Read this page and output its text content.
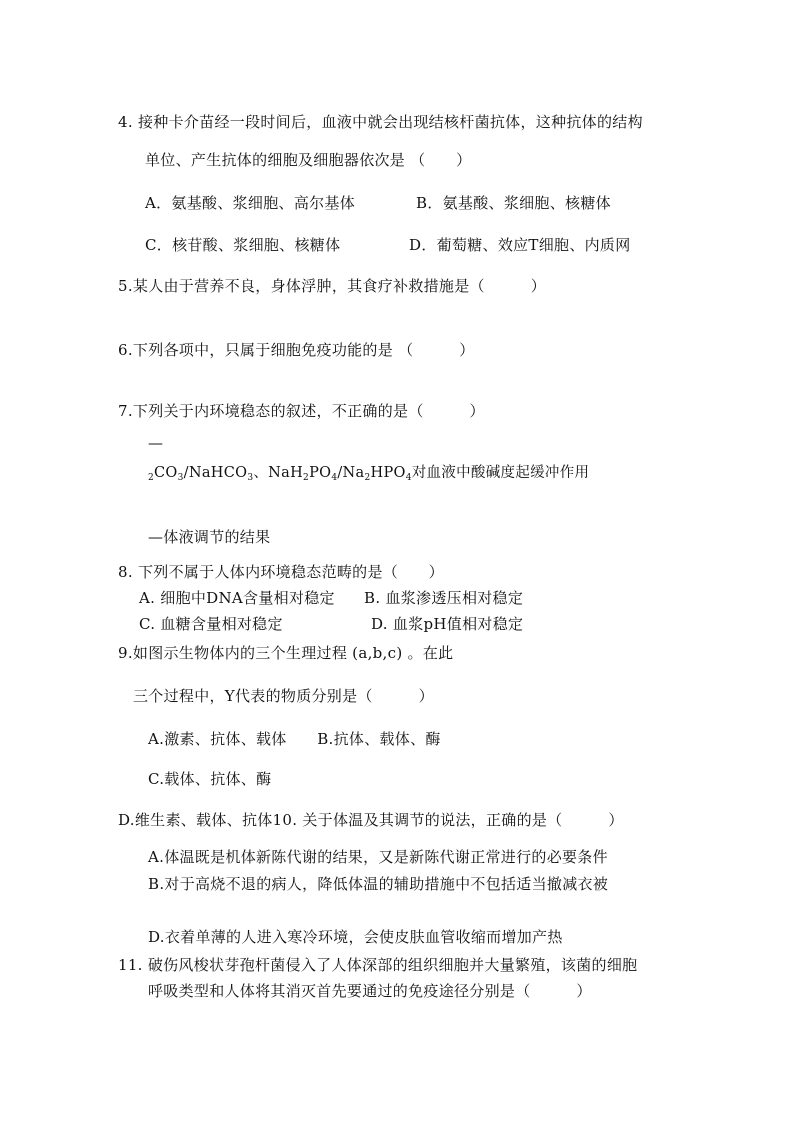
4. 接种卡介苗经一段时间后，血液中就会出现结核杆菌抗体，这种抗体的结构
单位、产生抗体的细胞及细胞器依次是 （　　）
A．氨基酸、浆细胞、高尔基体	B．氨基酸、浆细胞、核糖体
C．核苷酸、浆细胞、核糖体	D．葡萄糖、效应T细胞、内质网
5.某人由于营养不良，身体浮肿，其食疗补救措施是（　　　）
6.下列各项中，只属于细胞免疫功能的是 （　　　）
7.下列关于内环境稳态的叙述，不正确的是（　　　）
—
$_2CO_3/NaHCO_3$、$NaH_2PO_4/Na_2HPO_4$对血液中酸碱度起缓冲作用
—体液调节的结果
8. 下列不属于人体内环境稳态范畴的是（　　）
A. 细胞中DNA含量相对稳定 B. 血浆渗透压相对稳定
C. 血糖含量相对稳定	D. 血浆pH值相对稳定
9.如图示生物体内的三个生理过程 (a,b,c) 。在此
三个过程中，Y代表的物质分别是（　　　）
A.激素、抗体、载体　　B.抗体、载体、酶
C.载体、抗体、酶
D.维生素、载体、抗体10. 关于体温及其调节的说法，正确的是（　　　）
A.体温既是机体新陈代谢的结果，又是新陈代谢正常进行的必要条件
B.对于高烧不退的病人，降低体温的辅助措施中不包括适当撤减衣被
D.衣着单薄的人进入寒冷环境，会使皮肤血管收缩而增加产热
11. 破伤风梭状芽孢杆菌侵入了人体深部的组织细胞并大量繁殖，该菌的细胞
呼吸类型和人体将其消灭首先要通过的免疫途径分别是（　　　）
